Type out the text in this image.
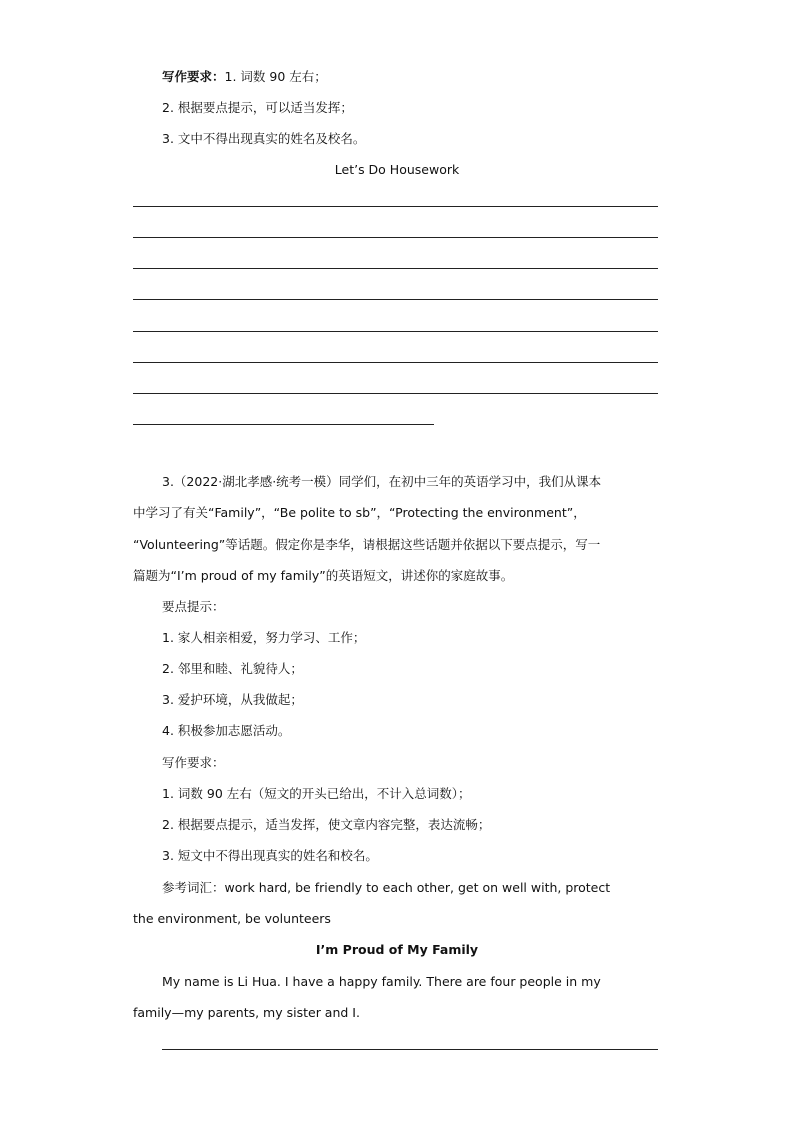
写作要求：1. 词数 90 左右；
2. 根据要点提示，可以适当发挥；
3. 文中不得出现真实的姓名及校名。
Let’s Do Housework
3.（2022·湖北孝感·统考一模）同学们，在初中三年的英语学习中，我们从课本
中学习了有关“Family”，“Be polite to sb”，“Protecting the environment”，
“Volunteering”等话题。假定你是李华，请根据这些话题并依据以下要点提示，写一
篇题为“I’m proud of my family”的英语短文，讲述你的家庭故事。
要点提示：
1. 家人相亲相爱，努力学习、工作；
2. 邻里和睦、礼貌待人；
3. 爱护环境，从我做起；
4. 积极参加志愿活动。
写作要求：
1. 词数 90 左右（短文的开头已给出，不计入总词数）；
2. 根据要点提示，适当发挥，使文章内容完整，表达流畅；
3. 短文中不得出现真实的姓名和校名。
参考词汇：work hard, be friendly to each other, get on well with, protect
the environment, be volunteers
I’m Proud of My Family
My name is Li Hua. I have a happy family. There are four people in my
family—my parents, my sister and I.
